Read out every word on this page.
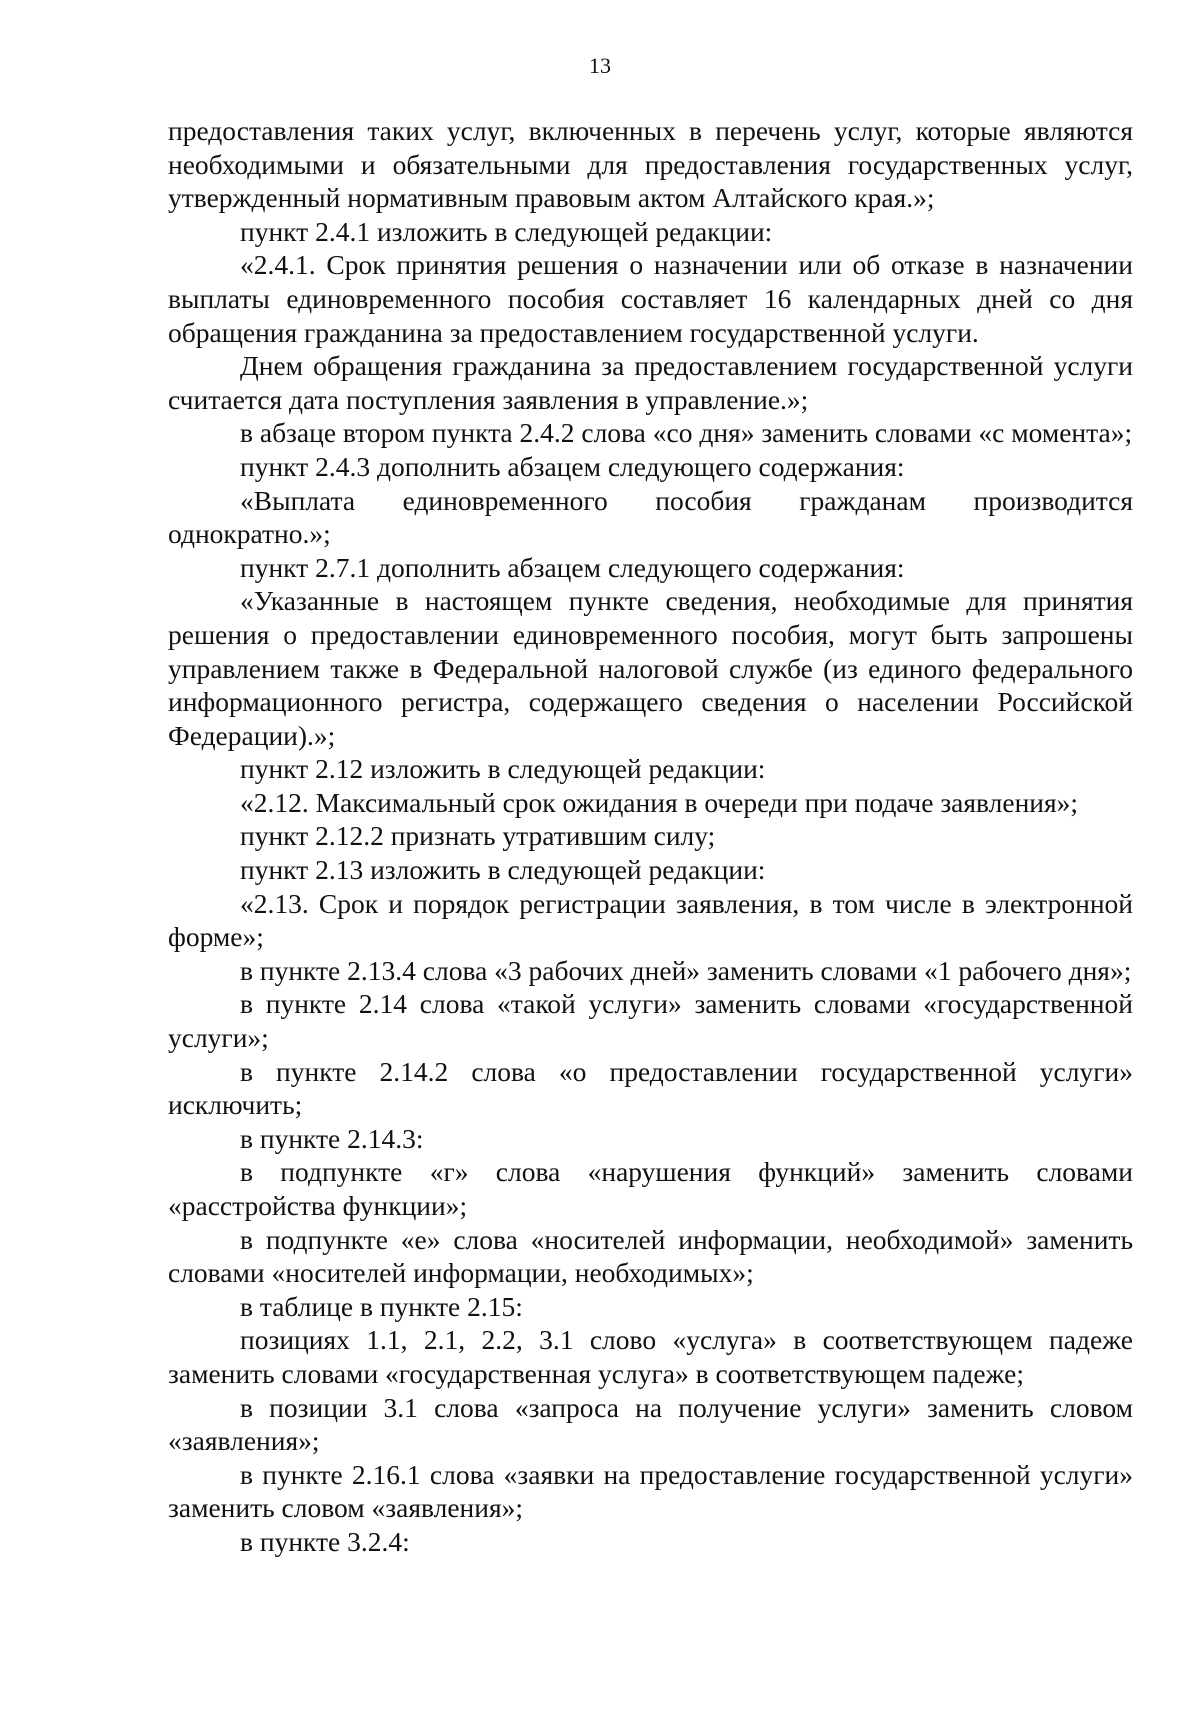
13

предоставления таких услуг, включенных в перечень услуг, которые являются необходимыми и обязательными для предоставления государственных услуг, утвержденный нормативным правовым актом Алтайского края.»;

пункт 2.4.1 изложить в следующей редакции:

«2.4.1. Срок принятия решения о назначении или об отказе в назначении выплаты единовременного пособия составляет 16 календарных дней со дня обращения гражданина за предоставлением государственной услуги.

Днем обращения гражданина за предоставлением государственной услуги считается дата поступления заявления в управление.»;

в абзаце втором пункта 2.4.2 слова «со дня» заменить словами «с момента»;

пункт 2.4.3 дополнить абзацем следующего содержания:

«Выплата единовременного пособия гражданам производится однократно.»;

пункт 2.7.1 дополнить абзацем следующего содержания:

«Указанные в настоящем пункте сведения, необходимые для принятия решения о предоставлении единовременного пособия, могут быть запрошены управлением также в Федеральной налоговой службе (из единого федерального информационного регистра, содержащего сведения о населении Российской Федерации).»;

пункт 2.12 изложить в следующей редакции:

«2.12. Максимальный срок ожидания в очереди при подаче заявления»;

пункт 2.12.2 признать утратившим силу;

пункт 2.13 изложить в следующей редакции:

«2.13. Срок и порядок регистрации заявления, в том числе в электронной форме»;

в пункте 2.13.4 слова «3 рабочих дней» заменить словами «1 рабочего дня»;

в пункте 2.14 слова «такой услуги» заменить словами «государственной услуги»;

в пункте 2.14.2 слова «о предоставлении государственной услуги» исключить;

в пункте 2.14.3:

в подпункте «г» слова «нарушения функций» заменить словами «расстройства функции»;

в подпункте «е» слова «носителей информации, необходимой» заменить словами «носителей информации, необходимых»;

в таблице в пункте 2.15:

позициях 1.1, 2.1, 2.2, 3.1 слово «услуга» в соответствующем падеже заменить словами «государственная услуга» в соответствующем падеже;

в позиции 3.1 слова «запроса на получение услуги» заменить словом «заявления»;

в пункте 2.16.1 слова «заявки на предоставление государственной услуги» заменить словом «заявления»;

в пункте 3.2.4:
